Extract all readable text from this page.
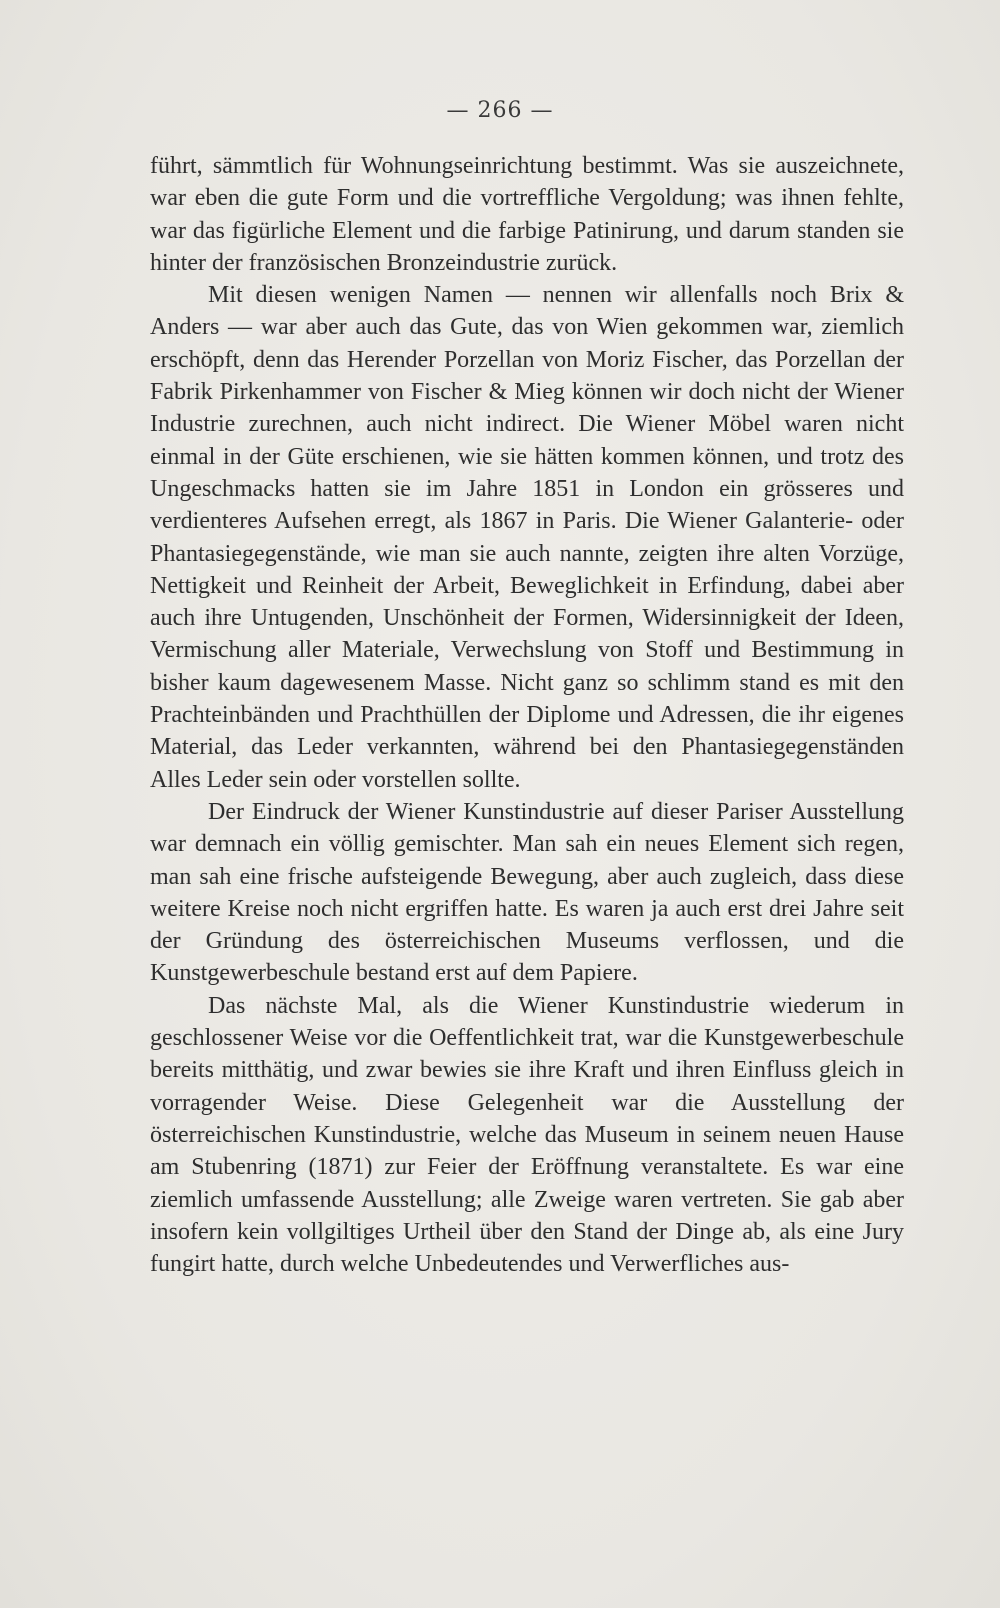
— 266 —

führt, sämmtlich für Wohnungseinrichtung bestimmt. Was sie auszeichnete, war eben die gute Form und die vortreffliche Vergoldung; was ihnen fehlte, war das figürliche Element und die farbige Patinirung, und darum standen sie hinter der französischen Bronzeindustrie zurück.

Mit diesen wenigen Namen — nennen wir allenfalls noch Brix & Anders — war aber auch das Gute, das von Wien gekommen war, ziemlich erschöpft, denn das Herender Porzellan von Moriz Fischer, das Porzellan der Fabrik Pirkenhammer von Fischer & Mieg können wir doch nicht der Wiener Industrie zurechnen, auch nicht indirect. Die Wiener Möbel waren nicht einmal in der Güte erschienen, wie sie hätten kommen können, und trotz des Ungeschmacks hatten sie im Jahre 1851 in London ein grösseres und verdienteres Aufsehen erregt, als 1867 in Paris. Die Wiener Galanterie- oder Phantasiegegenstände, wie man sie auch nannte, zeigten ihre alten Vorzüge, Nettigkeit und Reinheit der Arbeit, Beweglichkeit in Erfindung, dabei aber auch ihre Untugenden, Unschönheit der Formen, Widersinnigkeit der Ideen, Vermischung aller Materiale, Verwechslung von Stoff und Bestimmung in bisher kaum dagewesenem Masse. Nicht ganz so schlimm stand es mit den Prachteinbänden und Prachthüllen der Diplome und Adressen, die ihr eigenes Material, das Leder verkannten, während bei den Phantasiegegenständen Alles Leder sein oder vorstellen sollte.

Der Eindruck der Wiener Kunstindustrie auf dieser Pariser Ausstellung war demnach ein völlig gemischter. Man sah ein neues Element sich regen, man sah eine frische aufsteigende Bewegung, aber auch zugleich, dass diese weitere Kreise noch nicht ergriffen hatte. Es waren ja auch erst drei Jahre seit der Gründung des österreichischen Museums verflossen, und die Kunstgewerbeschule bestand erst auf dem Papiere.

Das nächste Mal, als die Wiener Kunstindustrie wiederum in geschlossener Weise vor die Oeffentlichkeit trat, war die Kunstgewerbeschule bereits mitthätig, und zwar bewies sie ihre Kraft und ihren Einfluss gleich in vorragender Weise. Diese Gelegenheit war die Ausstellung der österreichischen Kunstindustrie, welche das Museum in seinem neuen Hause am Stubenring (1871) zur Feier der Eröffnung veranstaltete. Es war eine ziemlich umfassende Ausstellung; alle Zweige waren vertreten. Sie gab aber insofern kein vollgiltiges Urtheil über den Stand der Dinge ab, als eine Jury fungirt hatte, durch welche Unbedeutendes und Verwerfliches aus-
